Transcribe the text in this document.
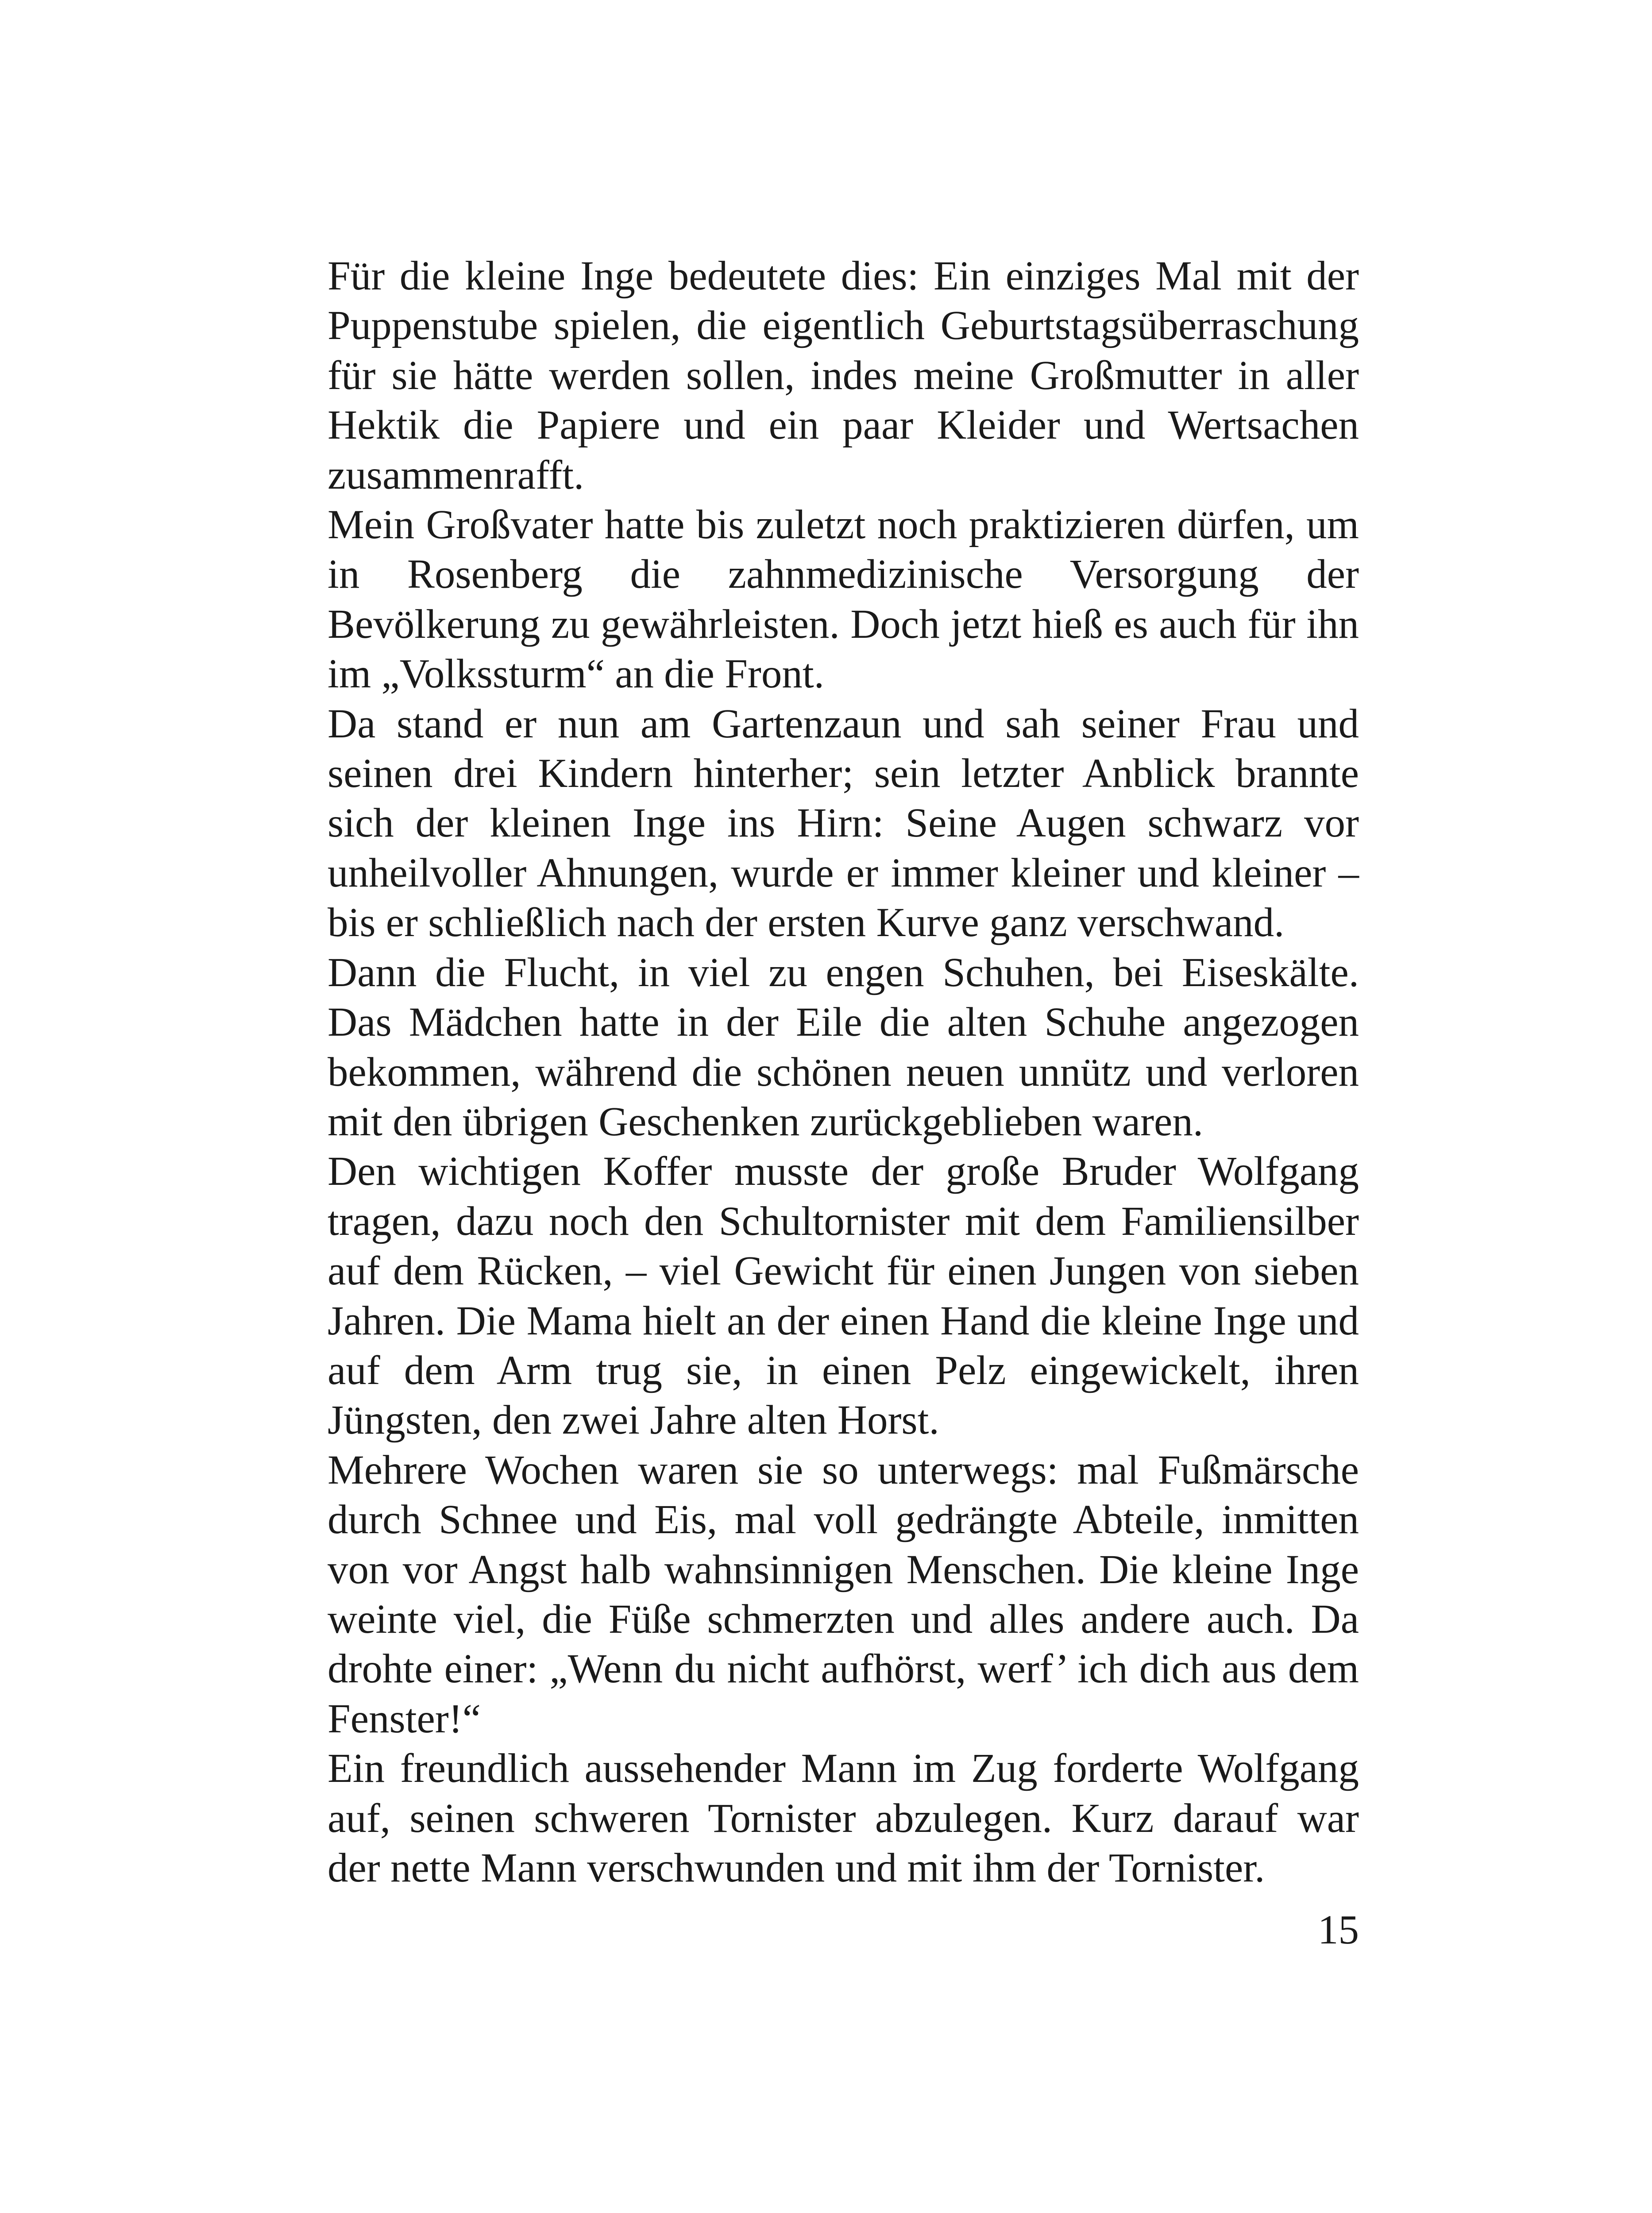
Für die kleine Inge bedeutete dies: Ein einziges Mal mit der Puppenstube spielen, die eigentlich Geburtstagsüberraschung für sie hätte werden sollen, indes meine Großmutter in aller Hektik die Papiere und ein paar Kleider und Wertsachen zusammenrafft.

Mein Großvater hatte bis zuletzt noch praktizieren dürfen, um in Rosenberg die zahnmedizinische Versorgung der Bevölkerung zu gewährleisten. Doch jetzt hieß es auch für ihn im „Volkssturm“ an die Front.

Da stand er nun am Gartenzaun und sah seiner Frau und seinen drei Kindern hinterher; sein letzter Anblick brannte sich der kleinen Inge ins Hirn: Seine Augen schwarz vor unheilvoller Ahnungen, wurde er immer kleiner und kleiner – bis er schließlich nach der ersten Kurve ganz verschwand.

Dann die Flucht, in viel zu engen Schuhen, bei Eiseskälte. Das Mädchen hatte in der Eile die alten Schuhe angezogen bekommen, während die schönen neuen unnütz und verloren mit den übrigen Geschenken zurückgeblieben waren.

Den wichtigen Koffer musste der große Bruder Wolfgang tragen, dazu noch den Schultornister mit dem Familiensilber auf dem Rücken, – viel Gewicht für einen Jungen von sieben Jahren. Die Mama hielt an der einen Hand die kleine Inge und auf dem Arm trug sie, in einen Pelz eingewickelt, ihren Jüngsten, den zwei Jahre alten Horst.

Mehrere Wochen waren sie so unterwegs: mal Fußmärsche durch Schnee und Eis, mal voll gedrängte Abteile, inmitten von vor Angst halb wahnsinnigen Menschen. Die kleine Inge weinte viel, die Füße schmerzten und alles andere auch. Da drohte einer: „Wenn du nicht aufhörst, werf’ ich dich aus dem Fenster!“

Ein freundlich aussehender Mann im Zug forderte Wolfgang auf, seinen schweren Tornister abzulegen. Kurz darauf war der nette Mann verschwunden und mit ihm der Tornister.

15
